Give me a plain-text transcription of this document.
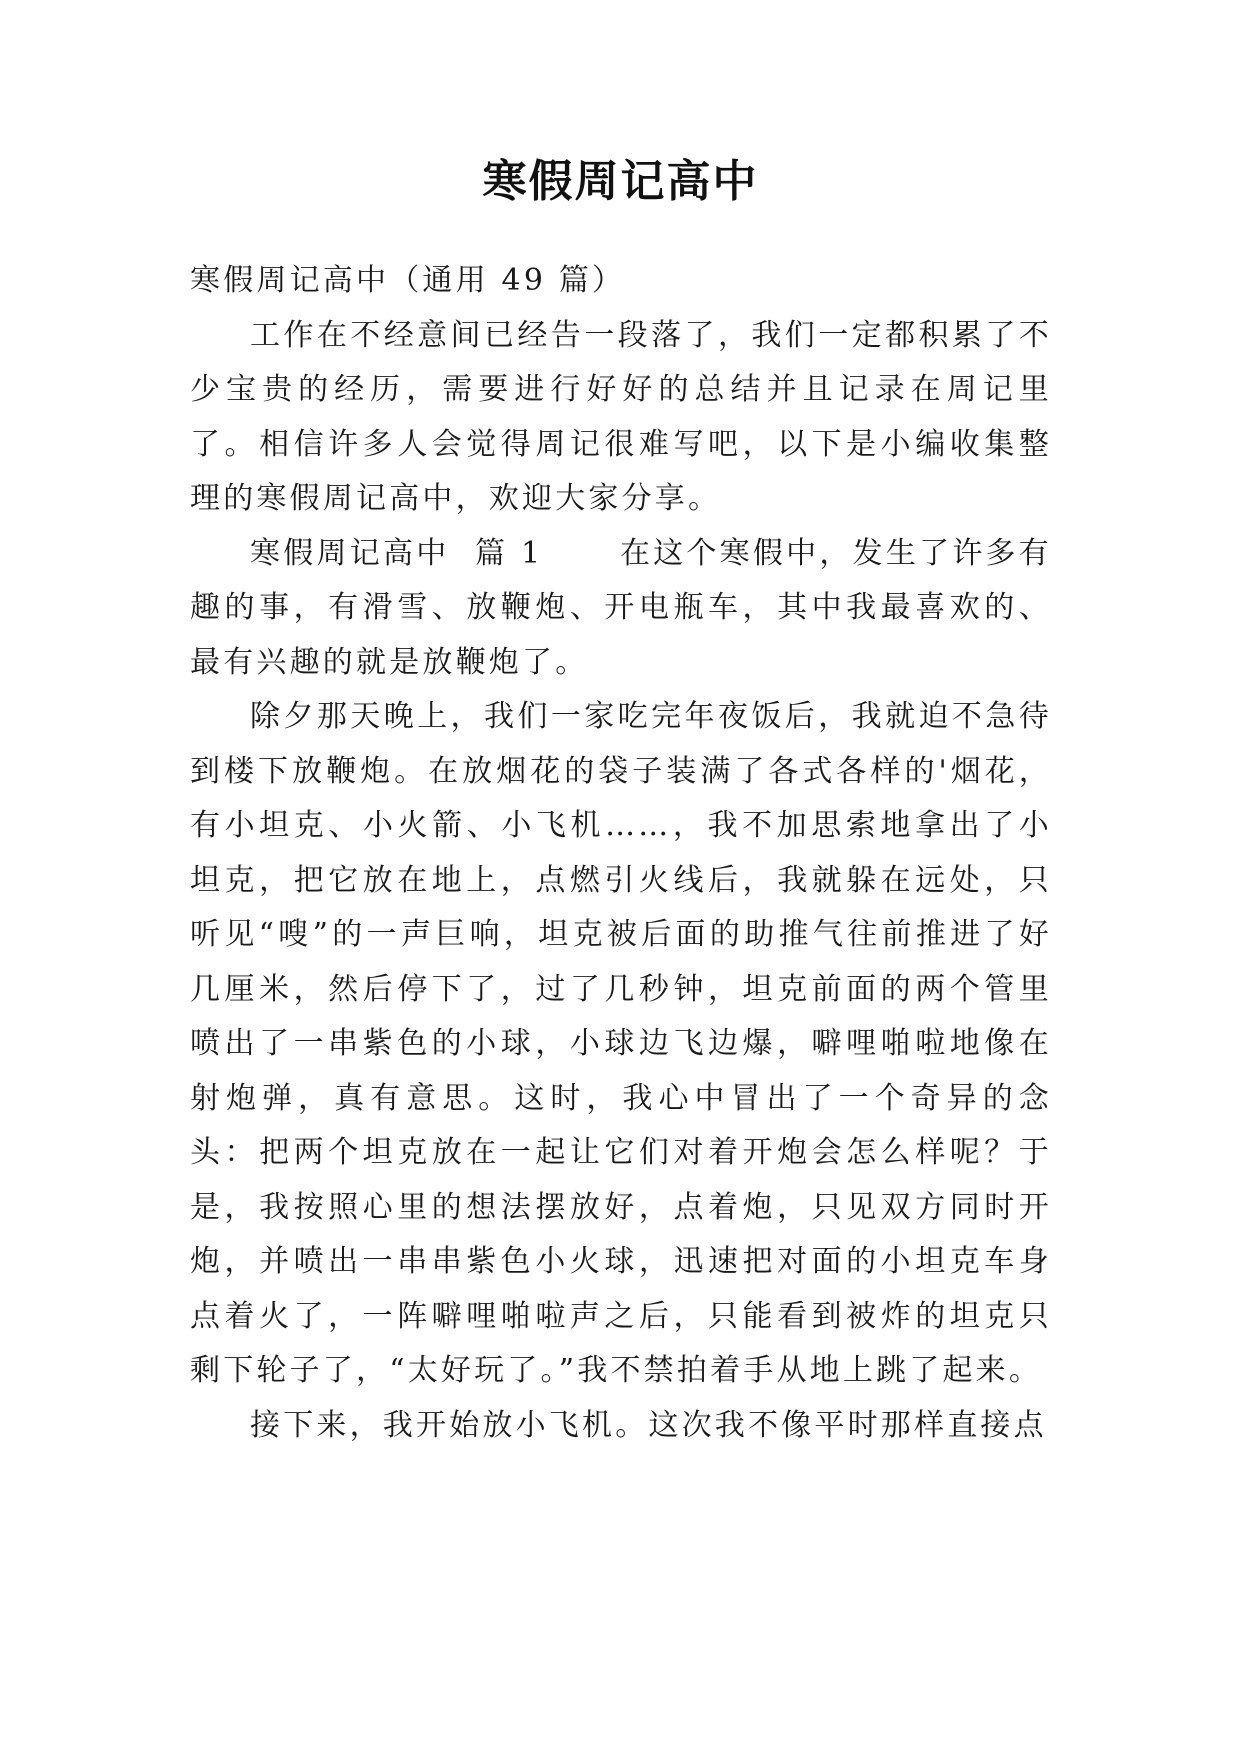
寒假周记高中

寒假周记高中（通用 49 篇）

工作在不经意间已经告一段落了，我们一定都积累了不少宝贵的经历，需要进行好好的总结并且记录在周记里了。相信许多人会觉得周记很难写吧，以下是小编收集整理的寒假周记高中，欢迎大家分享。

寒假周记高中  篇 1	在这个寒假中，发生了许多有趣的事，有滑雪、放鞭炮、开电瓶车，其中我最喜欢的、最有兴趣的就是放鞭炮了。

除夕那天晚上，我们一家吃完年夜饭后，我就迫不急待到楼下放鞭炮。在放烟花的袋子装满了各式各样的'烟花，有小坦克、小火箭、小飞机……，我不加思索地拿出了小坦克，把它放在地上，点燃引火线后，我就躲在远处，只听见“嗖”的一声巨响，坦克被后面的助推气往前推进了好几厘米，然后停下了，过了几秒钟，坦克前面的两个管里喷出了一串紫色的小球，小球边飞边爆，噼哩啪啦地像在射炮弹，真有意思。这时，我心中冒出了一个奇异的念头：把两个坦克放在一起让它们对着开炮会怎么样呢？于是，我按照心里的想法摆放好，点着炮，只见双方同时开炮，并喷出一串串紫色小火球，迅速把对面的小坦克车身点着火了，一阵噼哩啪啦声之后，只能看到被炸的坦克只剩下轮子了，“太好玩了。”我不禁拍着手从地上跳了起来。

接下来，我开始放小飞机。这次我不像平时那样直接点
